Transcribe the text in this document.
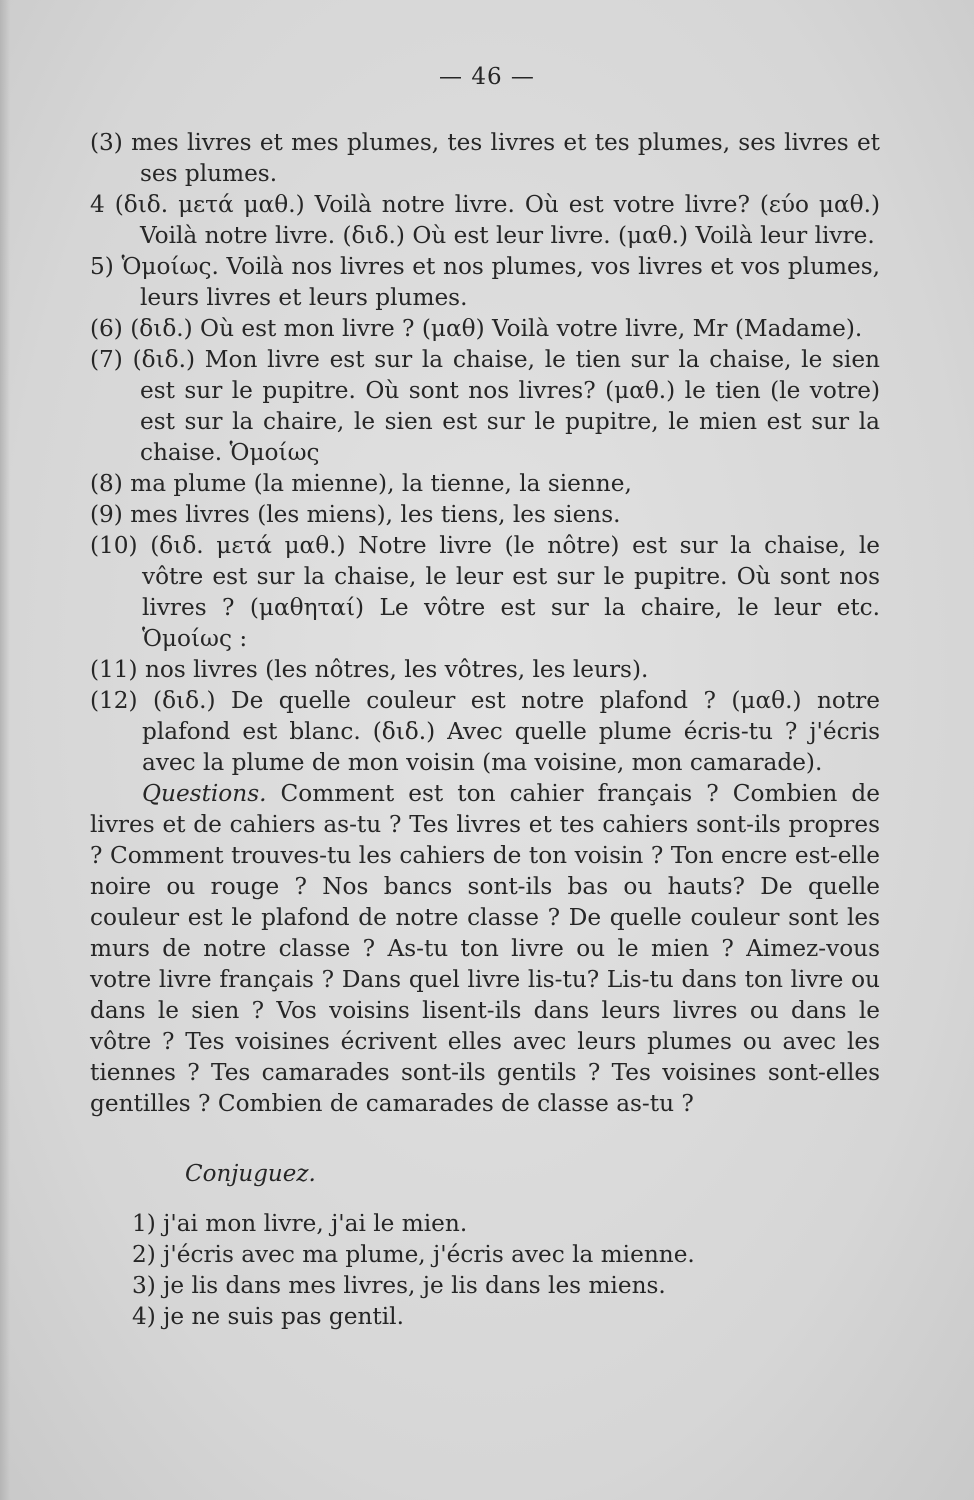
— 46 —

(3) mes livres et mes plumes, tes livres et tes plumes, ses livres et ses plumes.

4 (διδ. μετά μαθ.) Voilà notre livre. Où est votre livre? (εύο μαθ.) Voilà notre livre. (διδ.) Où est leur livre. (μαθ.) Voilà leur livre.

5) Ὁμοίως. Voilà nos livres et nos plumes, vos livres et vos plumes, leurs livres et leurs plumes.

(6) (διδ.) Où est mon livre ? (μαθ) Voilà votre livre, Mr (Madame).

(7) (διδ.) Mon livre est sur la chaise, le tien sur la chaise, le sien est sur le pupitre. Où sont nos livres? (μαθ.) le tien (le votre) est sur la chaire, le sien est sur le pupitre, le mien est sur la chaise. Ὁμοίως

(8) ma plume (la mienne), la tienne, la sienne,

(9) mes livres (les miens), les tiens, les siens.

(10) (διδ. μετά μαθ.) Notre livre (le nôtre) est sur la chaise, le vôtre est sur la chaise, le leur est sur le pupitre. Où sont nos livres ? (μαθηταί) Le vôtre est sur la chaire, le leur etc. Ὁμοίως :

(11) nos livres (les nôtres, les vôtres, les leurs).

(12) (διδ.) De quelle couleur est notre plafond ? (μαθ.) notre plafond est blanc. (διδ.) Avec quelle plume écris-tu ? j'écris avec la plume de mon voisin (ma voisine, mon camarade).

Questions. Comment est ton cahier français ? Combien de livres et de cahiers as-tu ? Tes livres et tes cahiers sont-ils propres ? Comment trouves-tu les cahiers de ton voisin ? Ton encre est-elle noire ou rouge ? Nos bancs sont-ils bas ou hauts? De quelle couleur est le plafond de notre classe ? De quelle couleur sont les murs de notre classe ? As-tu ton livre ou le mien ? Aimez-vous votre livre français ? Dans quel livre lis-tu? Lis-tu dans ton livre ou dans le sien ? Vos voisins lisent-ils dans leurs livres ou dans le vôtre ? Tes voisines écrivent elles avec leurs plumes ou avec les tiennes ? Tes camarades sont-ils gentils ? Tes voisines sont-elles gentilles ? Combien de camarades de classe as-tu ?

Conjuguez.
1) j'ai mon livre, j'ai le mien.
2) j'écris avec ma plume, j'écris avec la mienne.
3) je lis dans mes livres, je lis dans les miens.
4) je ne suis pas gentil.
